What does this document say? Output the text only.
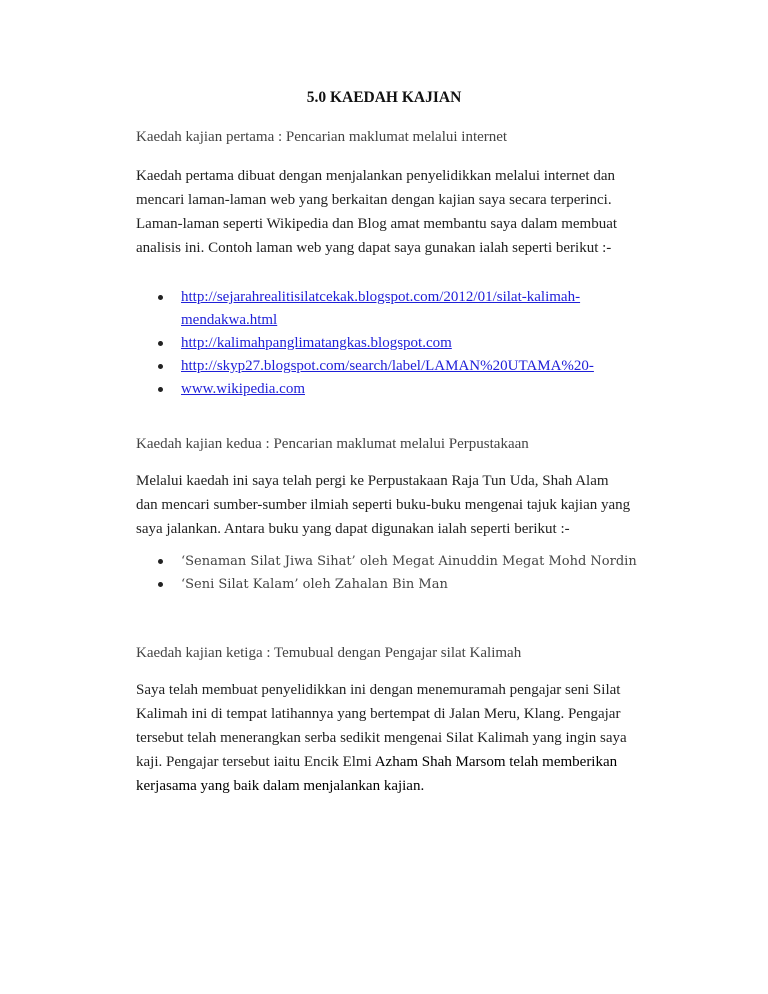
5.0 KAEDAH KAJIAN
Kaedah kajian pertama : Pencarian maklumat melalui internet
Kaedah pertama dibuat dengan menjalankan penyelidikkan melalui internet dan
mencari laman-laman web yang berkaitan dengan kajian saya secara terperinci.
Laman-laman seperti Wikipedia dan Blog amat membantu saya dalam membuat
analisis ini. Contoh laman web yang dapat saya gunakan ialah seperti berikut :-
http://sejarahrealitisilatcekak.blogspot.com/2012/01/silat-kalimah-
mendakwa.html
http://kalimahpanglimatangkas.blogspot.com
http://skyp27.blogspot.com/search/label/LAMAN%20UTAMA%20-
www.wikipedia.com
Kaedah kajian kedua : Pencarian maklumat melalui Perpustakaan
Melalui kaedah ini saya telah pergi ke Perpustakaan Raja Tun Uda, Shah Alam
dan mencari sumber-sumber ilmiah seperti buku-buku mengenai tajuk kajian yang
saya jalankan. Antara buku yang dapat digunakan ialah seperti berikut :-
‘Senaman Silat Jiwa Sihat’ oleh Megat Ainuddin Megat Mohd Nordin
‘Seni Silat Kalam’ oleh Zahalan Bin Man
Kaedah kajian ketiga : Temubual dengan Pengajar silat Kalimah
Saya telah membuat penyelidikkan ini dengan menemuramah pengajar seni Silat
Kalimah ini di tempat latihannya yang bertempat di Jalan Meru, Klang. Pengajar
tersebut telah menerangkan serba sedikit mengenai Silat Kalimah yang ingin saya
kaji. Pengajar tersebut iaitu Encik Elmi Azham Shah Marsom telah memberikan
kerjasama yang baik dalam menjalankan kajian.
